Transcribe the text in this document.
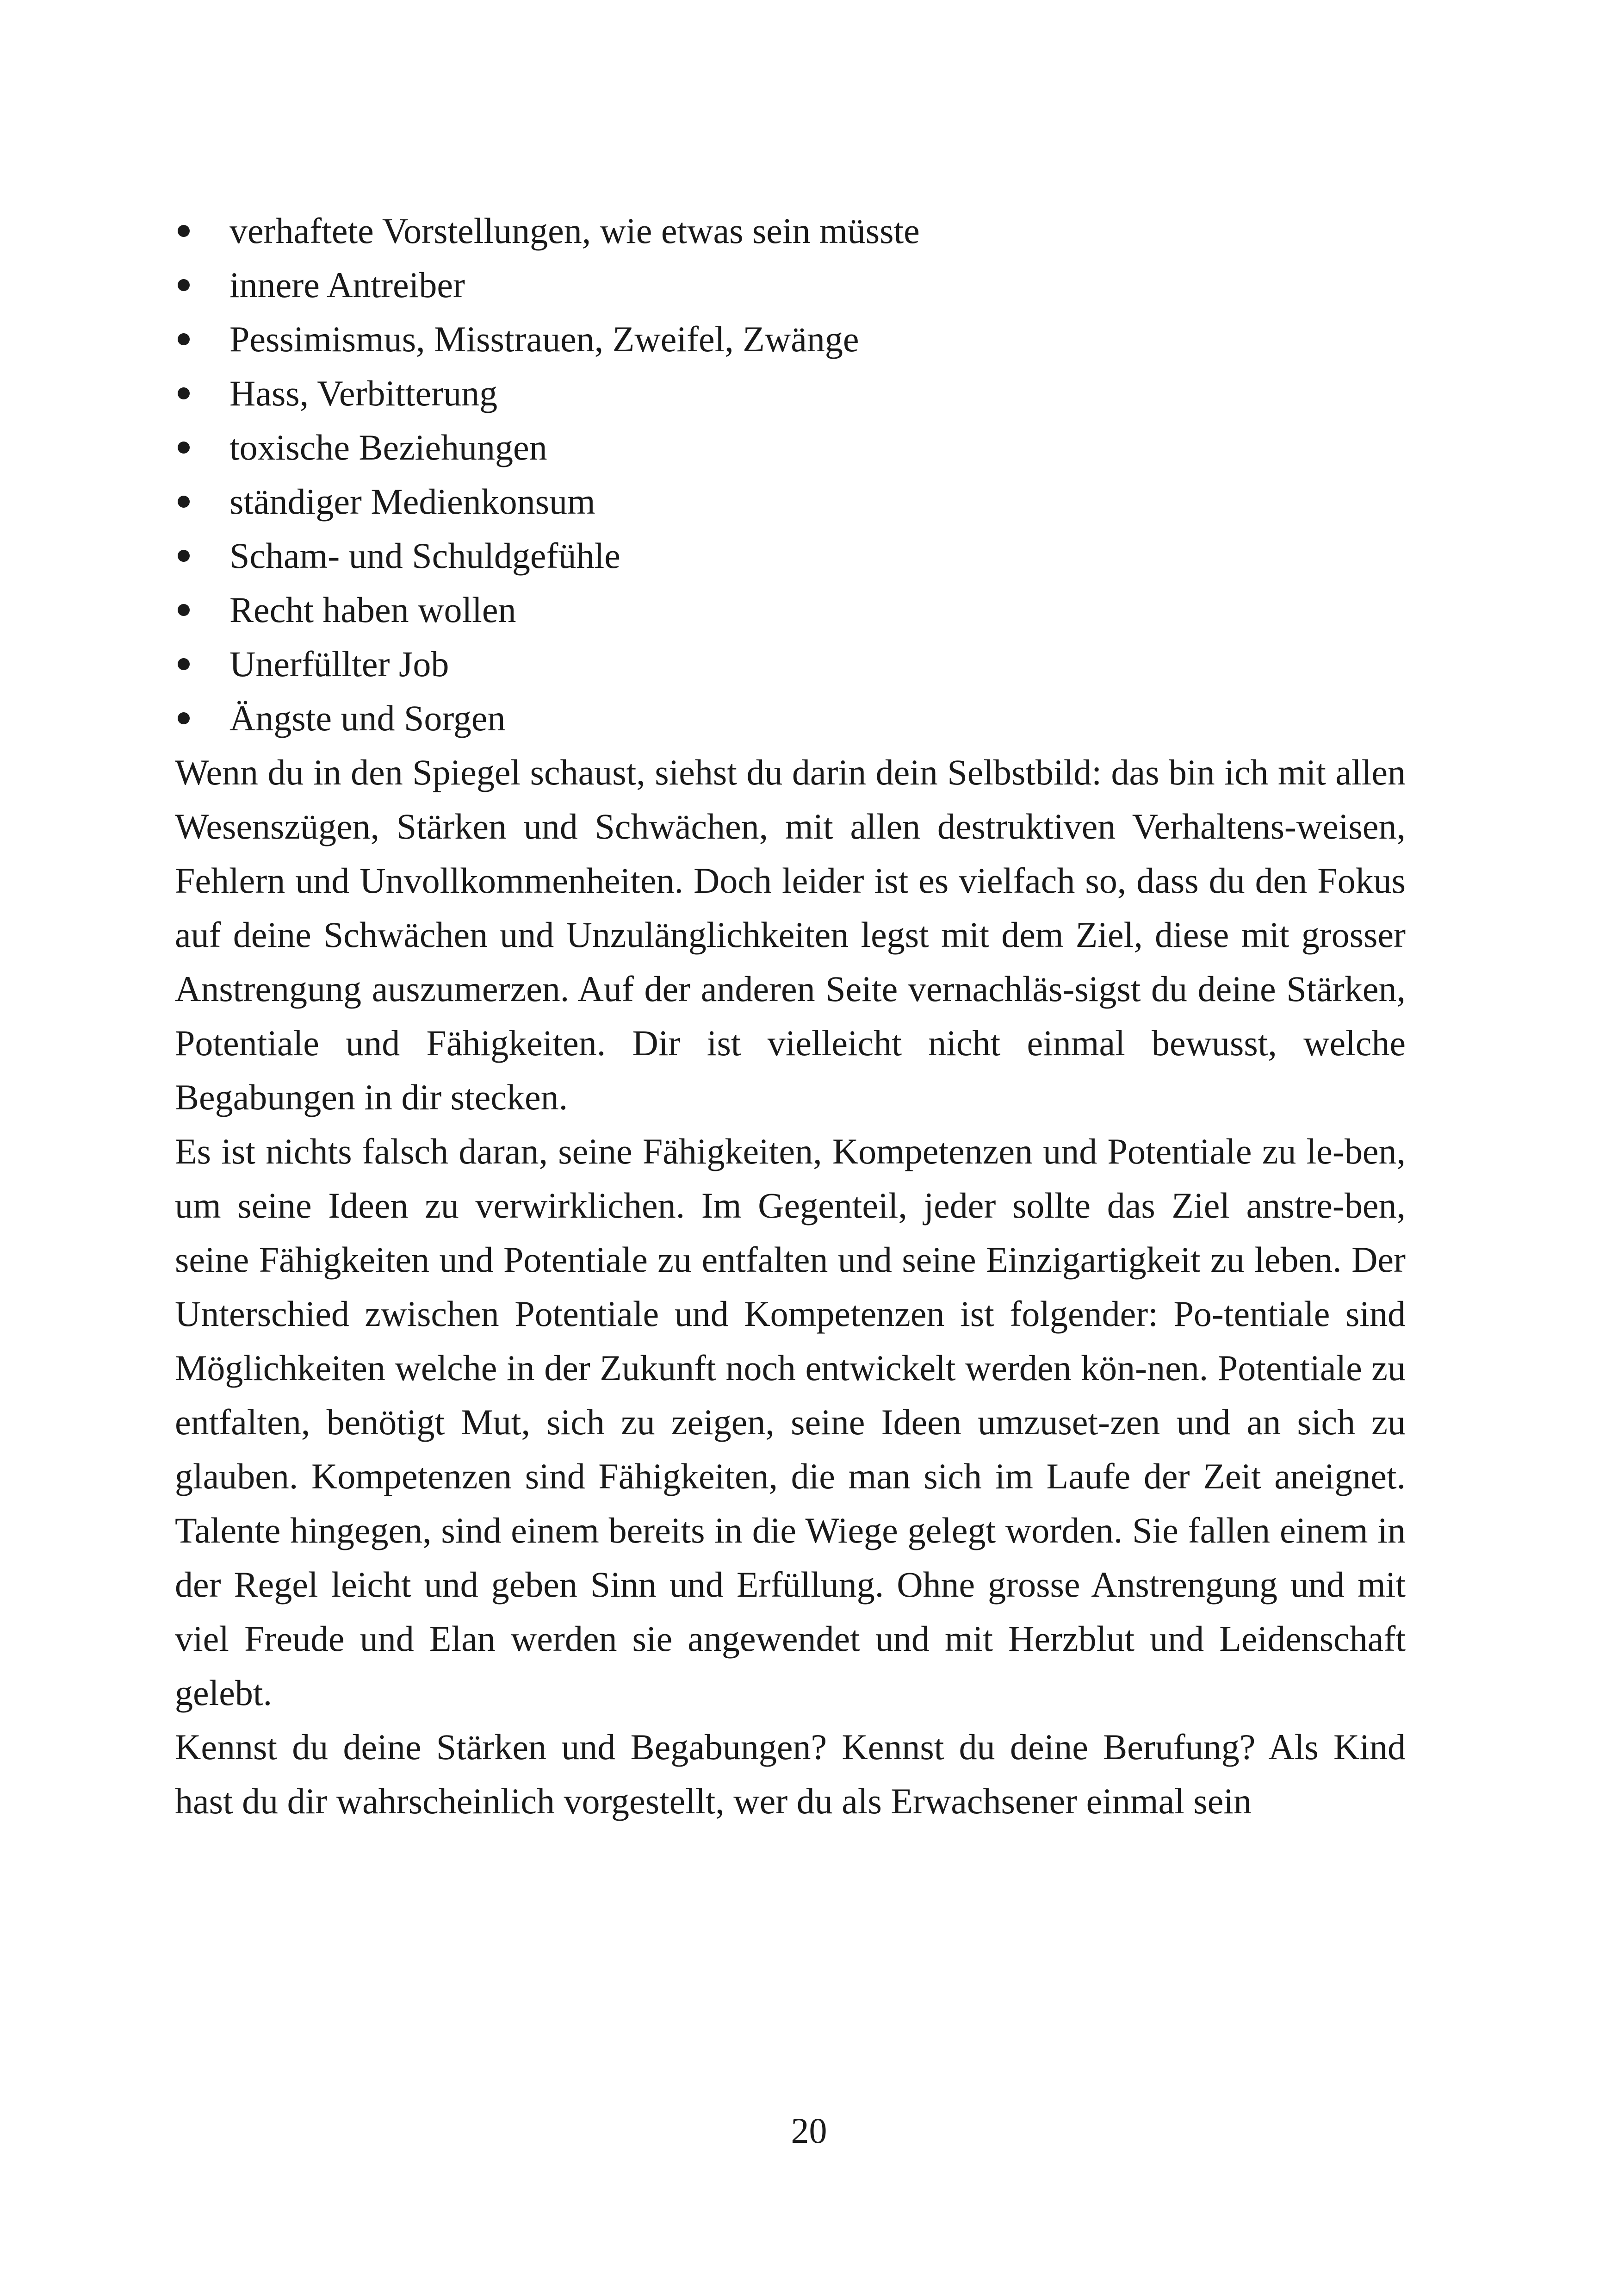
verhaftete Vorstellungen, wie etwas sein müsste
innere Antreiber
Pessimismus, Misstrauen, Zweifel, Zwänge
Hass, Verbitterung
toxische Beziehungen
ständiger Medienkonsum
Scham- und Schuldgefühle
Recht haben wollen
Unerfüllter Job
Ängste und Sorgen

Wenn du in den Spiegel schaust, siehst du darin dein Selbstbild: das bin ich mit allen Wesenszügen, Stärken und Schwächen, mit allen destruktiven Verhaltens-weisen, Fehlern und Unvollkommenheiten. Doch leider ist es vielfach so, dass du den Fokus auf deine Schwächen und Unzulänglichkeiten legst mit dem Ziel, diese mit grosser Anstrengung auszumerzen. Auf der anderen Seite vernachläs-sigst du deine Stärken, Potentiale und Fähigkeiten. Dir ist vielleicht nicht einmal bewusst, welche Begabungen in dir stecken.

Es ist nichts falsch daran, seine Fähigkeiten, Kompetenzen und Potentiale zu le-ben, um seine Ideen zu verwirklichen. Im Gegenteil, jeder sollte das Ziel anstre-ben, seine Fähigkeiten und Potentiale zu entfalten und seine Einzigartigkeit zu leben. Der Unterschied zwischen Potentiale und Kompetenzen ist folgender: Po-tentiale sind Möglichkeiten welche in der Zukunft noch entwickelt werden kön-nen. Potentiale zu entfalten, benötigt Mut, sich zu zeigen, seine Ideen umzuset-zen und an sich zu glauben. Kompetenzen sind Fähigkeiten, die man sich im Laufe der Zeit aneignet. Talente hingegen, sind einem bereits in die Wiege gelegt worden. Sie fallen einem in der Regel leicht und geben Sinn und Erfüllung. Ohne grosse Anstrengung und mit viel Freude und Elan werden sie angewendet und mit Herzblut und Leidenschaft gelebt.

Kennst du deine Stärken und Begabungen? Kennst du deine Berufung? Als Kind hast du dir wahrscheinlich vorgestellt, wer du als Erwachsener einmal sein

20
